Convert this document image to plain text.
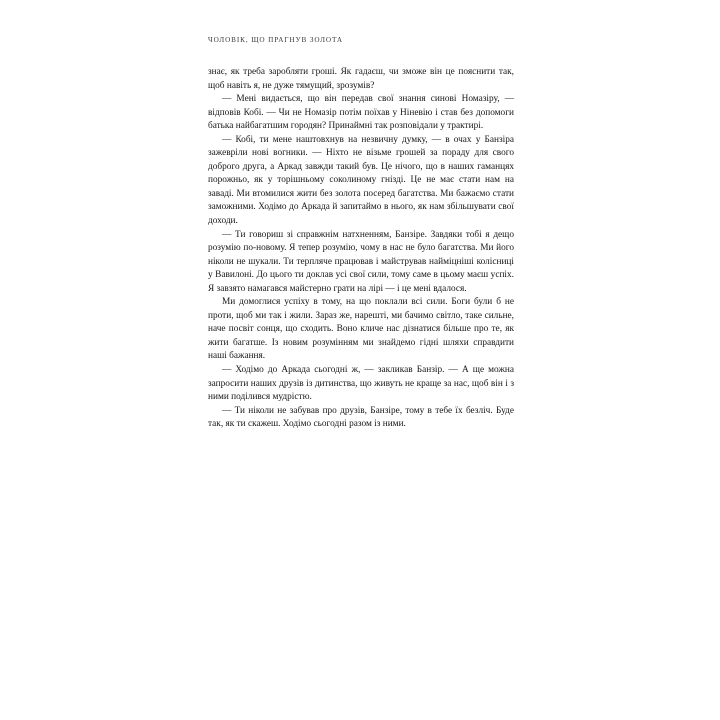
ЧОЛОВІК, ЩО ПРАГНУВ ЗОЛОТА

знає, як треба заробляти гроші. Як гадаєш, чи зможе він це пояснити так, щоб навіть я, не дуже тямущий, зрозумів?

— Мені видається, що він передав свої знання синові Номазіру, — відповів Кобі. — Чи не Номазір потім поїхав у Ніневію і став без допомоги батька найбагатшим городян? Принаймні так розповідали у трактирі.

— Кобі, ти мене наштовхнув на незвичну думку, — в очах у Банзіра зажевріли нові вогники. — Ніхто не візьме грошей за пораду для свого доброго друга, а Аркад завжди такий був. Це нічого, що в наших гаманцях порожньо, як у торішньому соколиному гнізді. Це не має стати нам на заваді. Ми втомилися жити без золота посеред багатства. Ми бажаємо стати заможними. Ходімо до Аркада й запитаймо в нього, як нам збільшувати свої доходи.

— Ти говориш зі справжнім натхненням, Банзіре. Завдяки тобі я дещо розумію по-новому. Я тепер розумію, чому в нас не було багатства. Ми його ніколи не шукали. Ти терпляче працював і майстрував найміцніші колісниці у Вавилоні. До цього ти доклав усі свої сили, тому саме в цьому маєш успіх. Я завзято намагався майстерно грати на лірі — і це мені вдалося.

Ми домоглися успіху в тому, на що поклали всі сили. Боги були б не проти, щоб ми так і жили. Зараз же, нарешті, ми бачимо світло, таке сильне, наче посвіт сонця, що сходить. Воно кличе нас дізнатися більше про те, як жити багатше. Із новим розумінням ми знайдемо гідні шляхи справдити наші бажання.

— Ходімо до Аркада сьогодні ж, — закликав Банзір. — А ще можна запросити наших друзів із дитинства, що живуть не краще за нас, щоб він і з ними поділився мудрістю.

— Ти ніколи не забував про друзів, Банзіре, тому в тебе їх безліч. Буде так, як ти скажеш. Ходімо сьогодні разом із ними.
